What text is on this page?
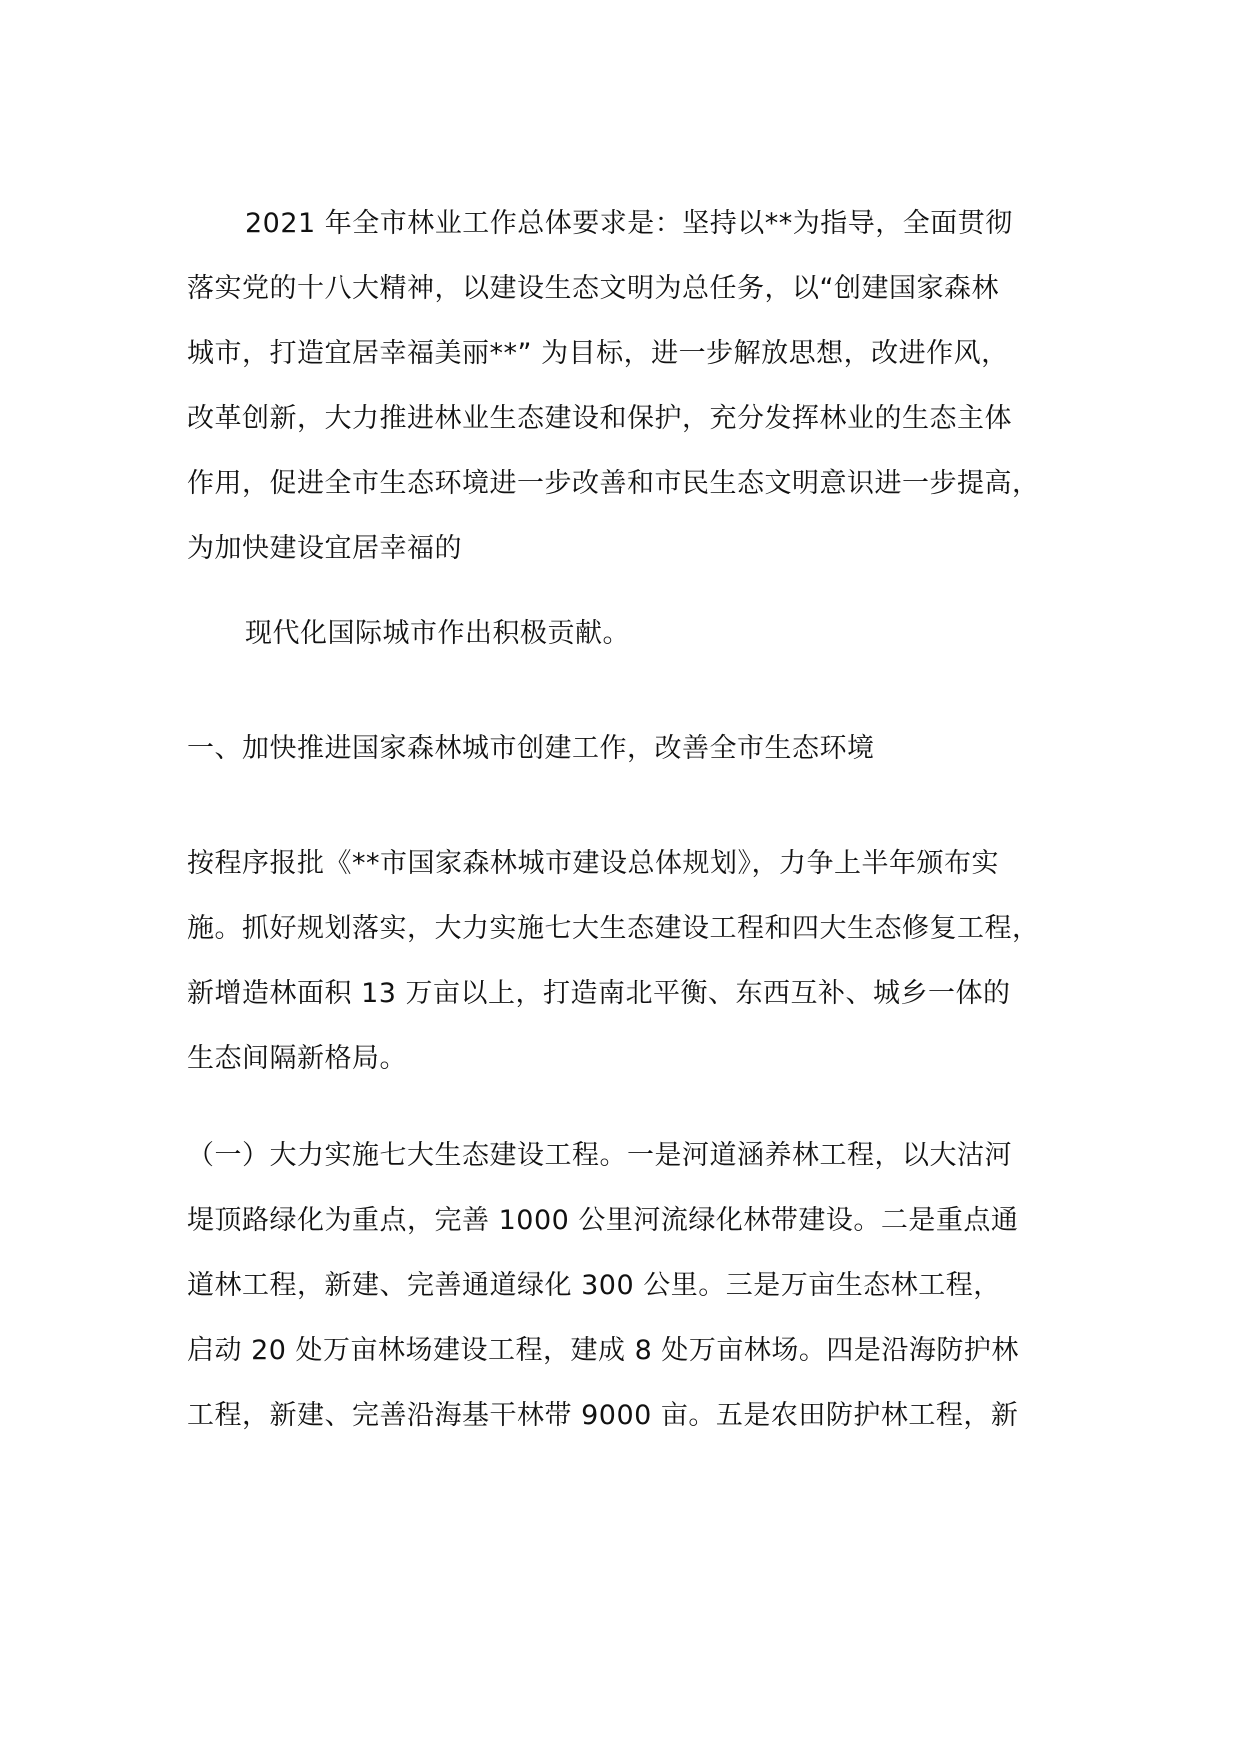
2021 年全市林业工作总体要求是：坚持以**为指导，全面贯彻
落实党的十八大精神，以建设生态文明为总任务，以“创建国家森林
城市，打造宜居幸福美丽**” 为目标，进一步解放思想，改进作风，
改革创新，大力推进林业生态建设和保护，充分发挥林业的生态主体
作用，促进全市生态环境进一步改善和市民生态文明意识进一步提高，
为加快建设宜居幸福的
现代化国际城市作出积极贡献。
一、加快推进国家森林城市创建工作，改善全市生态环境
按程序报批《**市国家森林城市建设总体规划》，力争上半年颁布实
施。抓好规划落实，大力实施七大生态建设工程和四大生态修复工程，
新增造林面积 13 万亩以上，打造南北平衡、东西互补、城乡一体的
生态间隔新格局。
（一）大力实施七大生态建设工程。一是河道涵养林工程，以大沽河
堤顶路绿化为重点，完善 1000 公里河流绿化林带建设。二是重点通
道林工程，新建、完善通道绿化 300 公里。三是万亩生态林工程，
启动 20 处万亩林场建设工程，建成 8 处万亩林场。四是沿海防护林
工程，新建、完善沿海基干林带 9000 亩。五是农田防护林工程，新
